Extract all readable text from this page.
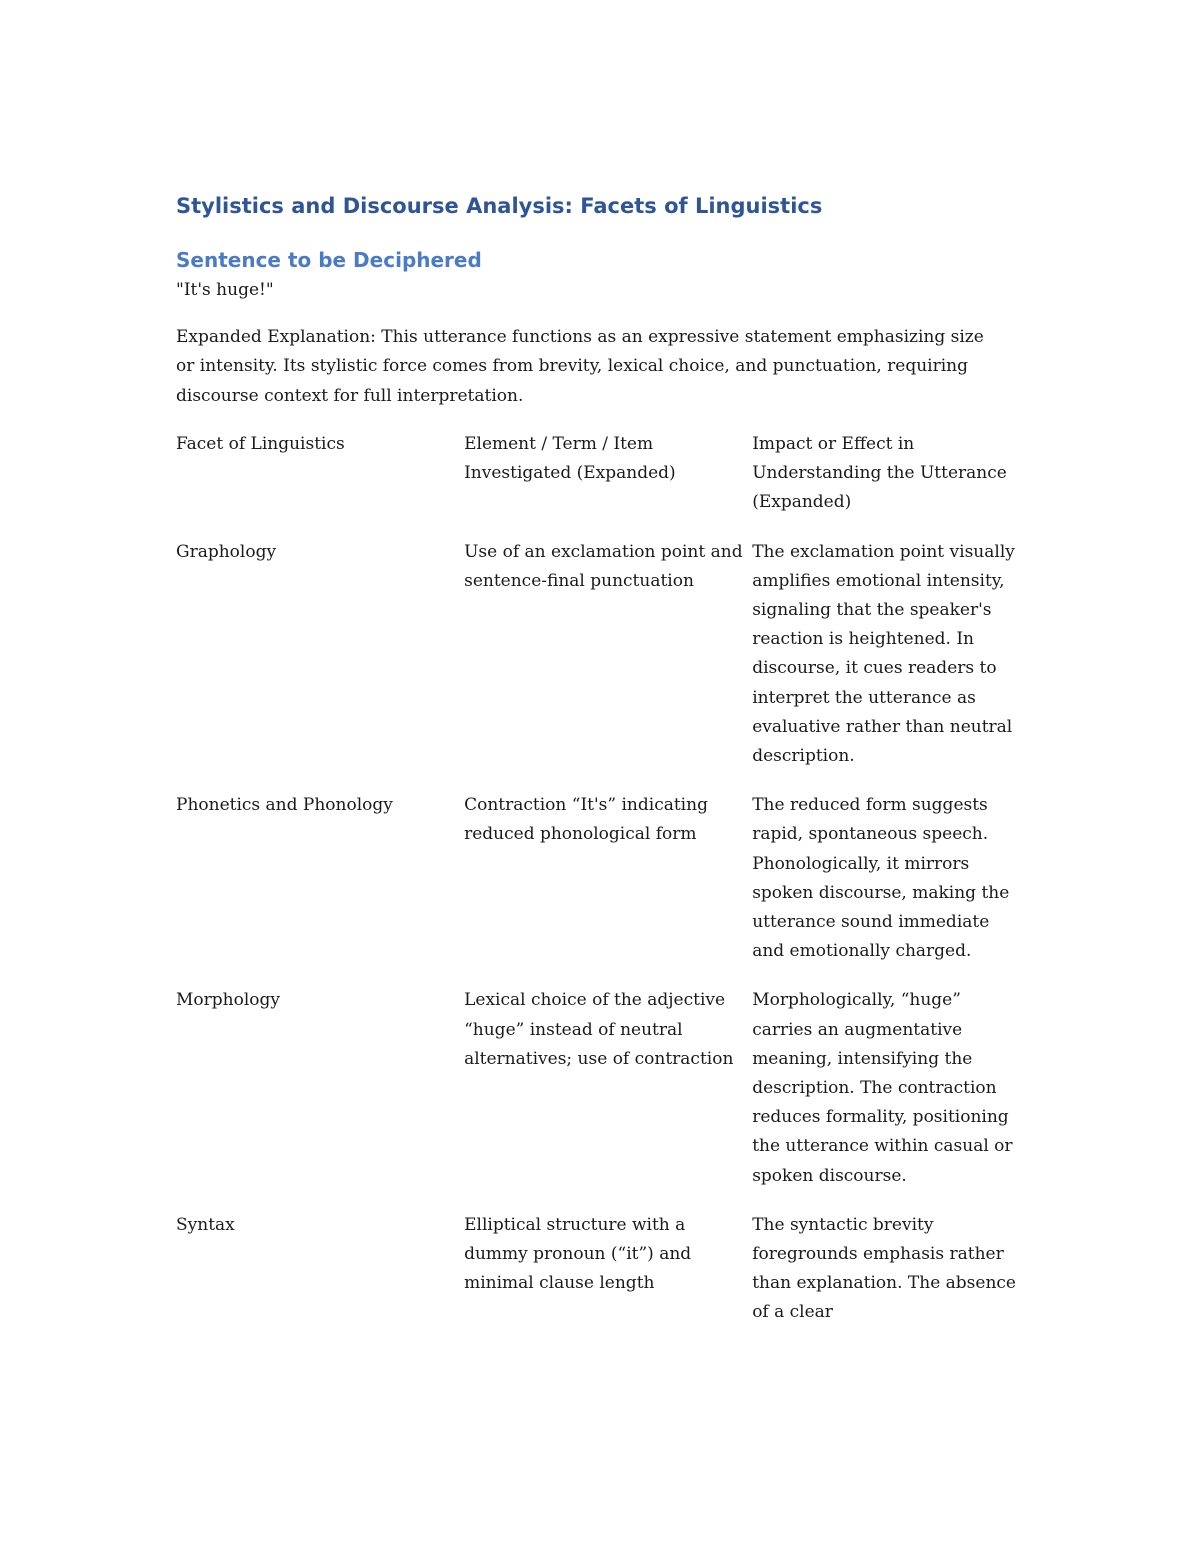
Stylistics and Discourse Analysis: Facets of Linguistics
Sentence to be Deciphered

"It's huge!"

Expanded Explanation: This utterance functions as an expressive statement emphasizing size or intensity. Its stylistic force comes from brevity, lexical choice, and punctuation, requiring discourse context for full interpretation.

Facet of Linguistics	Element / Term / Item Investigated (Expanded)	Impact or Effect in Understanding the Utterance (Expanded)
Graphology	Use of an exclamation point and sentence-final punctuation	The exclamation point visually amplifies emotional intensity, signaling that the speaker's reaction is heightened. In discourse, it cues readers to interpret the utterance as evaluative rather than neutral description.
Phonetics and Phonology	Contraction “It's” indicating reduced phonological form	The reduced form suggests rapid, spontaneous speech. Phonologically, it mirrors spoken discourse, making the utterance sound immediate and emotionally charged.
Morphology	Lexical choice of the adjective “huge” instead of neutral alternatives; use of contraction	Morphologically, “huge” carries an augmentative meaning, intensifying the description. The contraction reduces formality, positioning the utterance within casual or spoken discourse.
Syntax	Elliptical structure with a dummy pronoun (“it”) and minimal clause length	The syntactic brevity foregrounds emphasis rather than explanation. The absence of a clear
